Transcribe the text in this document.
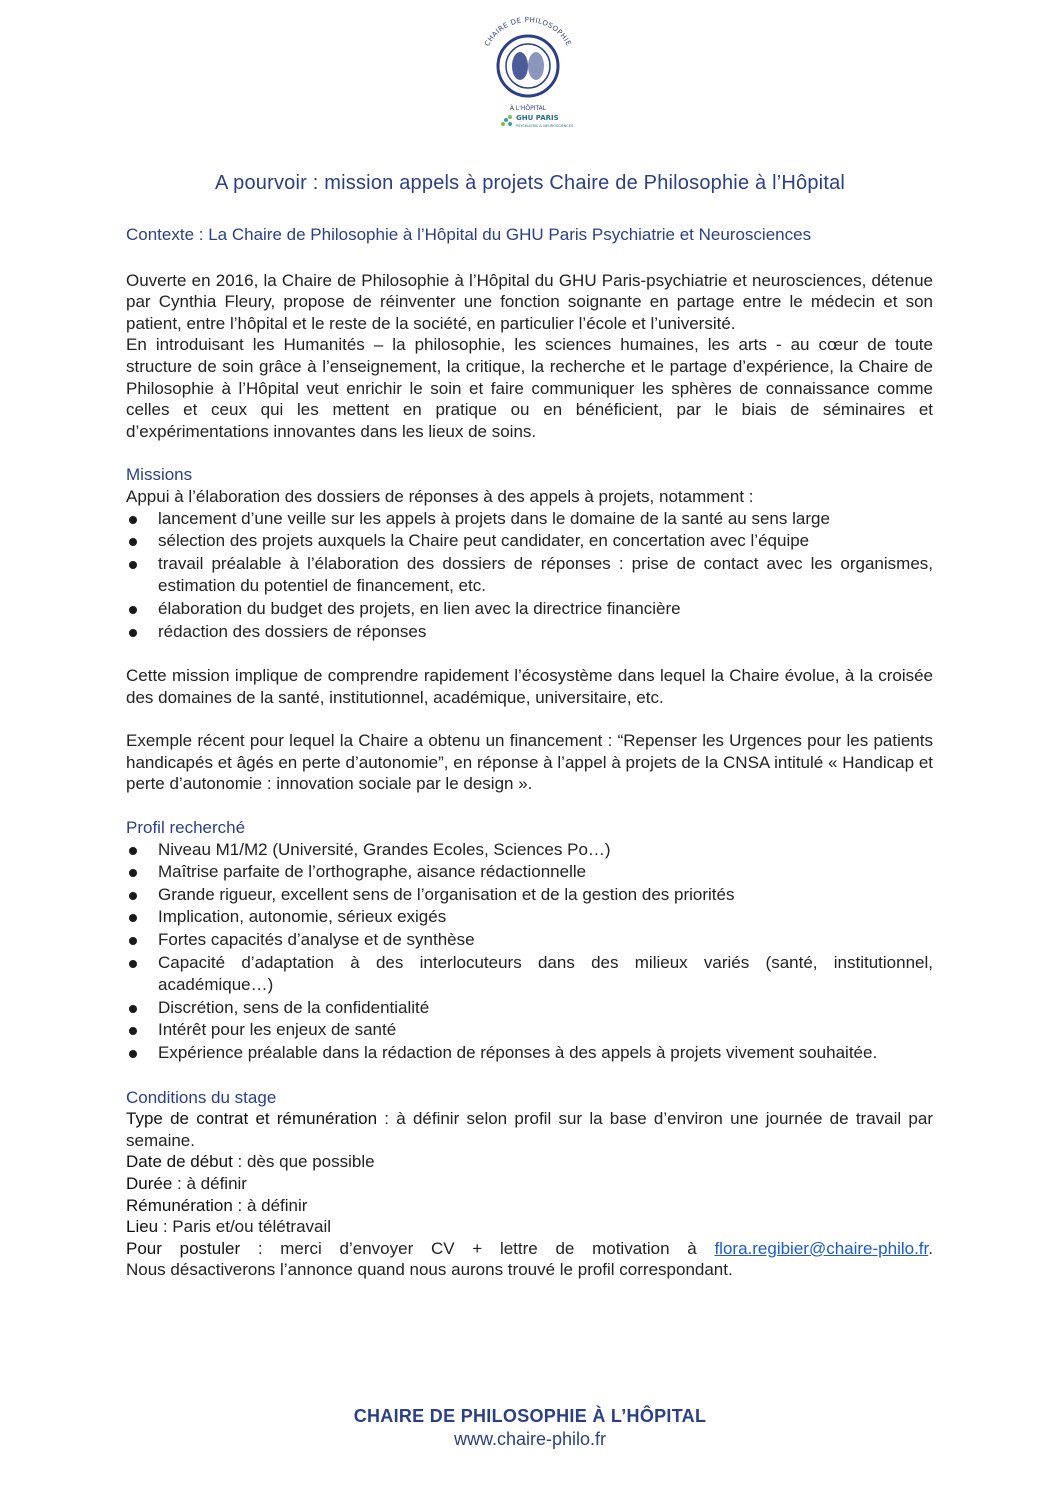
CHAIRE DE PHILOSOPHIE
À L'HÔPITAL
GHU PARIS
PSYCHIATRIE & NEUROSCIENCES
A pourvoir : mission appels à projets Chaire de Philosophie à l’Hôpital
Contexte : La Chaire de Philosophie à l’Hôpital du GHU Paris Psychiatrie et Neurosciences

Ouverte en 2016, la Chaire de Philosophie à l’Hôpital du GHU Paris-psychiatrie et neurosciences, détenue par Cynthia Fleury, propose de réinventer une fonction soignante en partage entre le médecin et son patient, entre l’hôpital et le reste de la société, en particulier l’école et l’université.

En introduisant les Humanités – la philosophie, les sciences humaines, les arts - au cœur de toute structure de soin grâce à l’enseignement, la critique, la recherche et le partage d’expérience, la Chaire de Philosophie à l’Hôpital veut enrichir le soin et faire communiquer les sphères de connaissance comme celles et ceux qui les mettent en pratique ou en bénéficient, par le biais de séminaires et d’expérimentations innovantes dans les lieux de soins.

Missions

Appui à l’élaboration des dossiers de réponses à des appels à projets, notamment :

lancement d’une veille sur les appels à projets dans le domaine de la santé au sens large
sélection des projets auxquels la Chaire peut candidater, en concertation avec l’équipe
travail préalable à l’élaboration des dossiers de réponses : prise de contact avec les organismes, estimation du potentiel de financement, etc.
élaboration du budget des projets, en lien avec la directrice financière
rédaction des dossiers de réponses

Cette mission implique de comprendre rapidement l’écosystème dans lequel la Chaire évolue, à la croisée des domaines de la santé, institutionnel, académique, universitaire, etc.

Exemple récent pour lequel la Chaire a obtenu un financement : “Repenser les Urgences pour les patients handicapés et âgés en perte d’autonomie”, en réponse à l’appel à projets de la CNSA intitulé « Handicap et perte d’autonomie : innovation sociale par le design ».

Profil recherché
Niveau M1/M2 (Université, Grandes Ecoles, Sciences Po…)
Maîtrise parfaite de l’orthographe, aisance rédactionnelle
Grande rigueur, excellent sens de l’organisation et de la gestion des priorités
Implication, autonomie, sérieux exigés
Fortes capacités d’analyse et de synthèse
Capacité d’adaptation à des interlocuteurs dans des milieux variés (santé, institutionnel, académique…)
Discrétion, sens de la confidentialité
Intérêt pour les enjeux de santé
Expérience préalable dans la rédaction de réponses à des appels à projets vivement souhaitée.
Conditions du stage

Type de contrat et rémunération : à définir selon profil sur la base d’environ une journée de travail par semaine.

Date de début : dès que possible

Durée : à définir

Rémunération : à définir

Lieu : Paris et/ou télétravail

Pour postuler : merci d’envoyer CV + lettre de motivation à flora.regibier@chaire-philo.fr.

Nous désactiverons l’annonce quand nous aurons trouvé le profil correspondant.

CHAIRE DE PHILOSOPHIE À L’HÔPITAL
www.chaire-philo.fr
